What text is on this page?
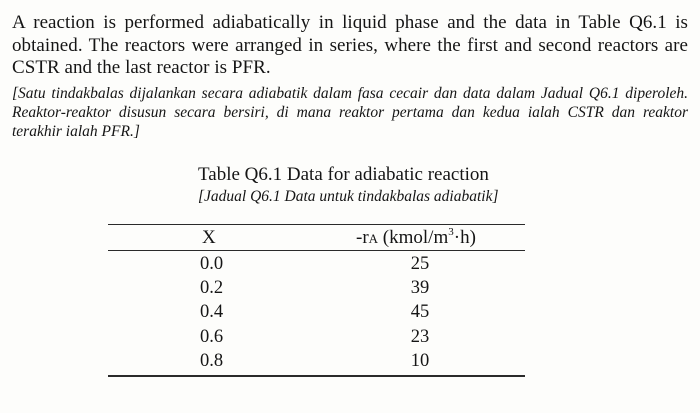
A reaction is performed adiabatically in liquid phase and the data in Table Q6.1 is obtained. The reactors were arranged in series, where the first and second reactors are CSTR and the last reactor is PFR.
[Satu tindakbalas dijalankan secara adiabatik dalam fasa cecair dan data dalam Jadual Q6.1 diperoleh. Reaktor-reaktor disusun secara bersiri, di mana reaktor pertama dan kedua ialah CSTR dan reaktor terakhir ialah PFR.]
Table Q6.1 Data for adiabatic reaction
[Jadual Q6.1 Data untuk tindakbalas adiabatik]
X	-rA $(kmol/m^3\cdot h)$
0.0	25
0.2	39
0.4	45
0.6	23
0.8	10
